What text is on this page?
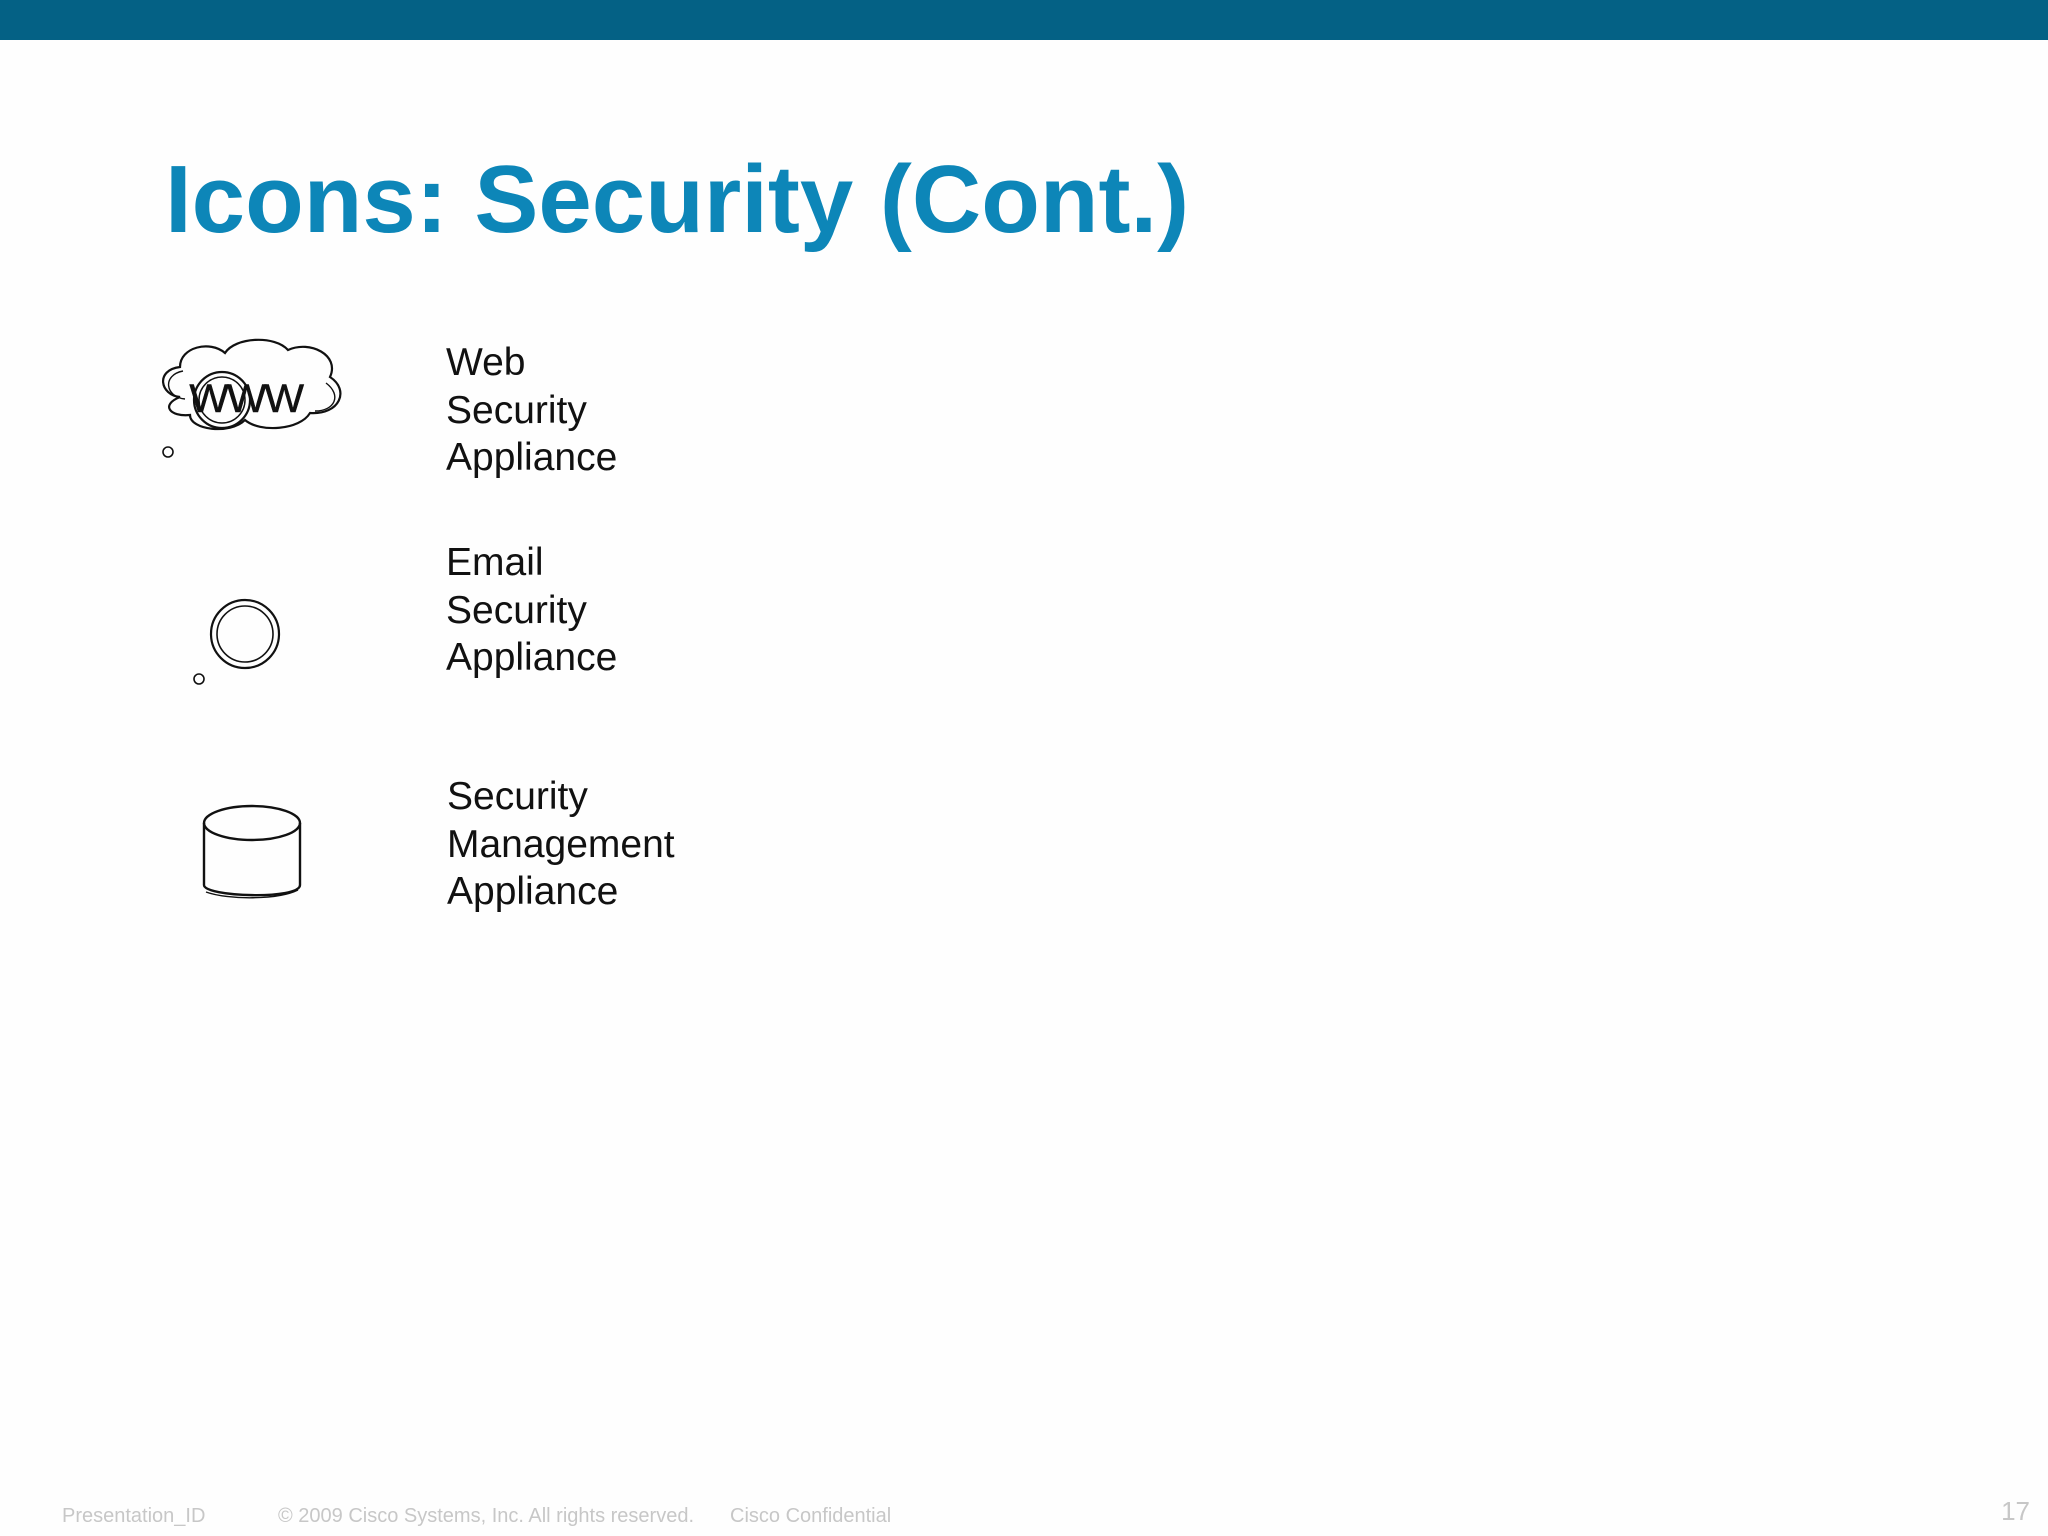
Icons: Security (Cont.)
WWW
Web
Security
Appliance
Email
Security
Appliance
Security
Management
Appliance
Presentation_ID	© 2009 Cisco Systems, Inc. All rights reserved. Cisco Confidential	17
